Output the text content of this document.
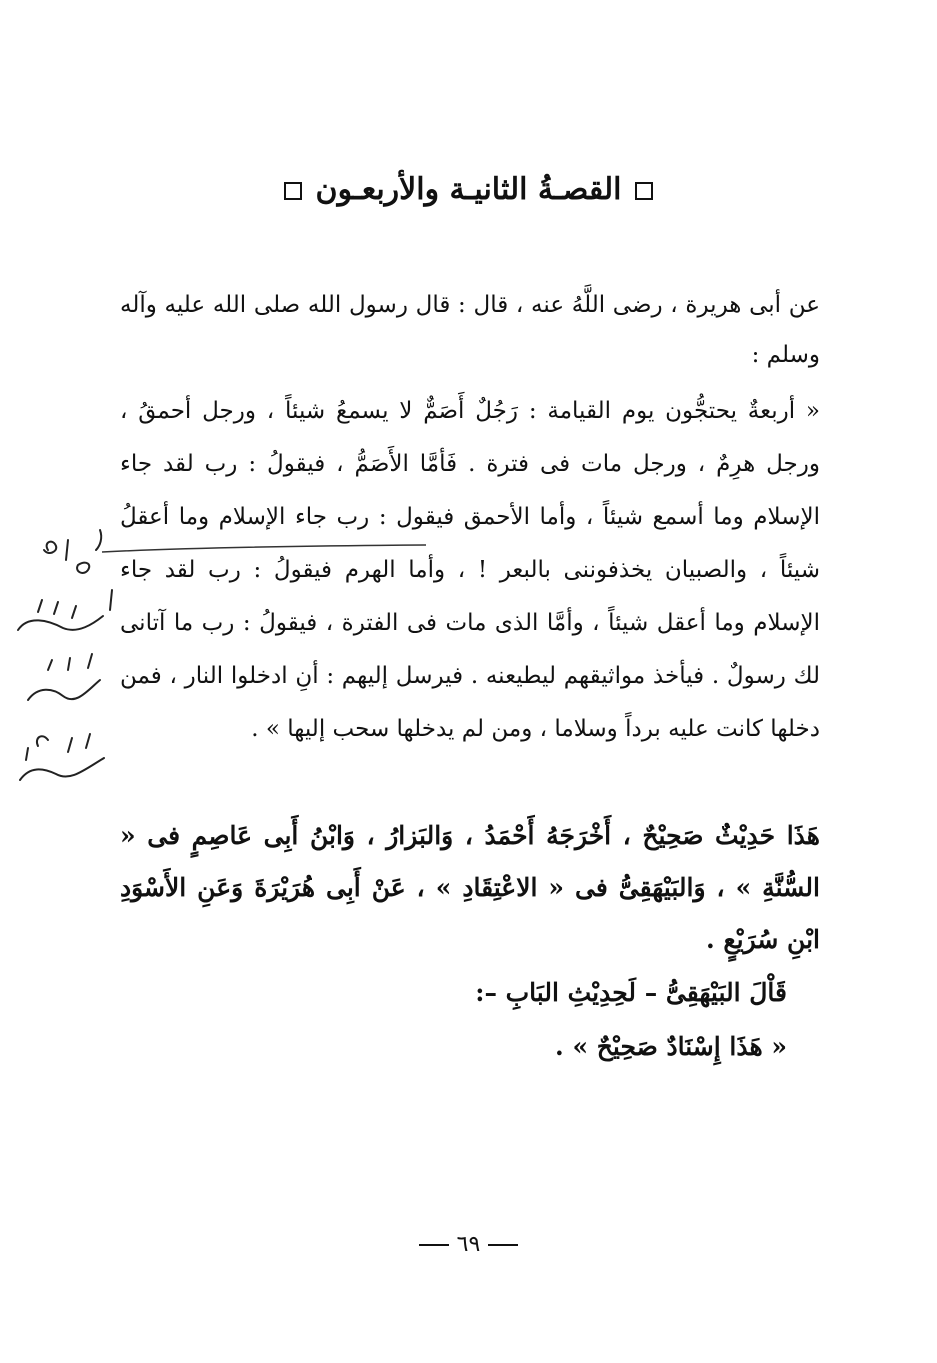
القصـةُ الثانيـة والأربعـون
عن أبى هريرة ، رضى اللَّهُ عنه ، قال : قال رسول الله صلى الله عليه وآله وسلم :
« أربعةٌ يحتجُّون يوم القيامة : رَجُلٌ أَصَمٌّ لا يسمعُ شيئاً ، ورجل أحمقُ ، ورجل هرِمٌ ، ورجل مات فى فترة . فَأمَّا الأَصَمُّ ، فيقولُ : رب لقد جاء الإسلام وما أسمع شيئاً ، وأما الأحمق فيقول : رب جاء الإسلام وما أعقلُ شيئاً ، والصبيان يخذفوننى بالبعر ! ، وأما الهرم فيقولُ : رب لقد جاء الإسلام وما أعقل شيئاً ، وأمَّا الذى مات فى الفترة ، فيقولُ : رب ما آتانى لك رسولٌ . فيأخذ مواثيقهم ليطيعنه . فيرسل إليهم : أنِ ادخلوا النار ، فمن دخلها كانت عليه برداً وسلاما ، ومن لم يدخلها سحب إليها » .
هَذَا حَدِيْثٌ صَحِيْحٌ ، أَخْرَجَهُ أَحْمَدُ ، وَالبَزارُ ، وَابْنُ أَبِى عَاصِمٍ فى « السُّنَّةِ » ، وَالبَيْهَقِىُّ فى « الاعْتِقَادِ » ، عَنْ أَبِى هُرَيْرَةَ وَعَنِ الأَسْوَدِ ابْنِ سُرَيْعٍ .
قَاْلَ البَيْهَقِىُّ – لَحِدِيْثِ البَابِ –:
« هَذَا إِسْنَادٌ صَحِيْحٌ » .
٦٩
